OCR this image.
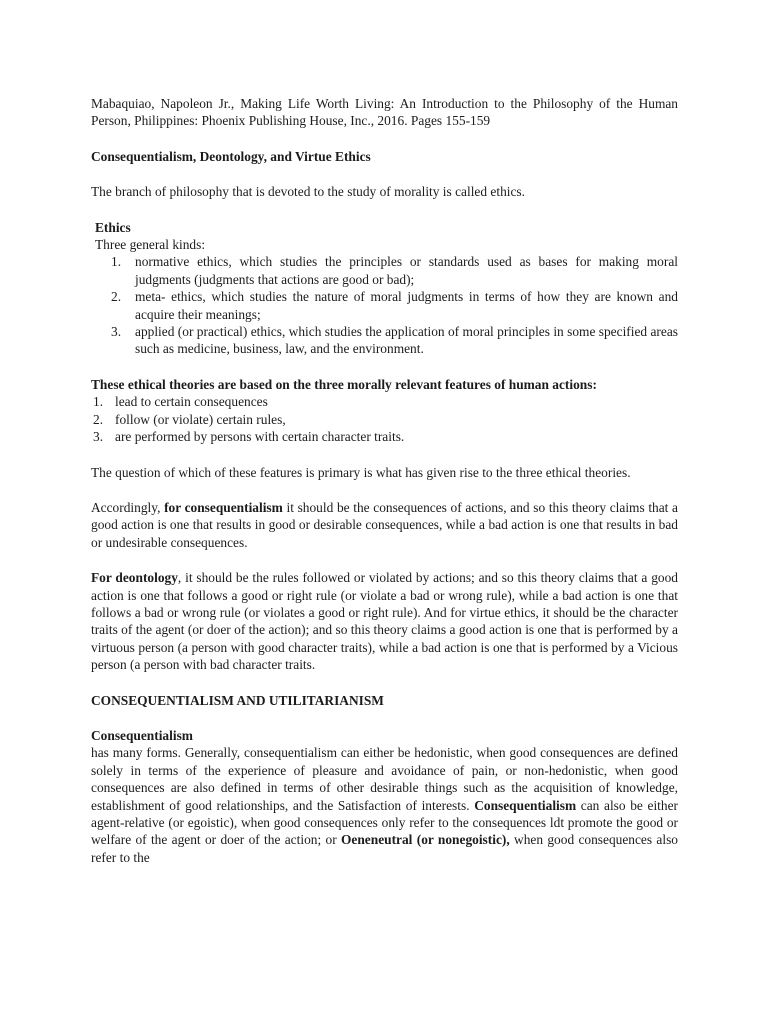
Mabaquiao, Napoleon Jr., Making Life Worth Living: An Introduction to the Philosophy of the Human Person, Philippines: Phoenix Publishing House, Inc., 2016. Pages 155-159

Consequentialism, Deontology, and Virtue Ethics

The branch of philosophy that is devoted to the study of morality is called ethics.

Ethics

Three general kinds:

1. normative ethics, which studies the principles or standards used as bases for making moral judgments (judgments that actions are good or bad);
2. meta- ethics, which studies the nature of moral judgments in terms of how they are known and acquire their meanings;
3. applied (or practical) ethics, which studies the application of moral principles in some specified areas such as medicine, business, law, and the environment.

These ethical theories are based on the three morally relevant features of human actions:

1. lead to certain consequences
2. follow (or violate) certain rules,
3. are performed by persons with certain character traits.

The question of which of these features is primary is what has given rise to the three ethical theories.

Accordingly, for consequentialism it should be the consequences of actions, and so this theory claims that a good action is one that results in good or desirable consequences, while a bad action is one that results in bad or undesirable consequences.

For deontology, it should be the rules followed or violated by actions; and so this theory claims that a good action is one that follows a good or right rule (or violate a bad or wrong rule), while a bad action is one that follows a bad or wrong rule (or violates a good or right rule). And for virtue ethics, it should be the character traits of the agent (or doer of the action); and so this theory claims a good action is one that is performed by a virtuous person (a person with good character traits), while a bad action is one that is performed by a Vicious person (a person with bad character traits.

CONSEQUENTIALISM AND UTILITARIANISM

Consequentialism

has many forms. Generally, consequentialism can either be hedonistic, when good consequences are defined solely in terms of the experience of pleasure and avoidance of pain, or non-hedonistic, when good consequences are also defined in terms of other desirable things such as the acquisition of knowledge, establishment of good relationships, and the Satisfaction of interests. Consequentialism can also be either agent-relative (or egoistic), when good consequences only refer to the consequences ldt promote the good or welfare of the agent or doer of the action; or Oeneneutral (or nonegoistic), when good consequences also refer to the
